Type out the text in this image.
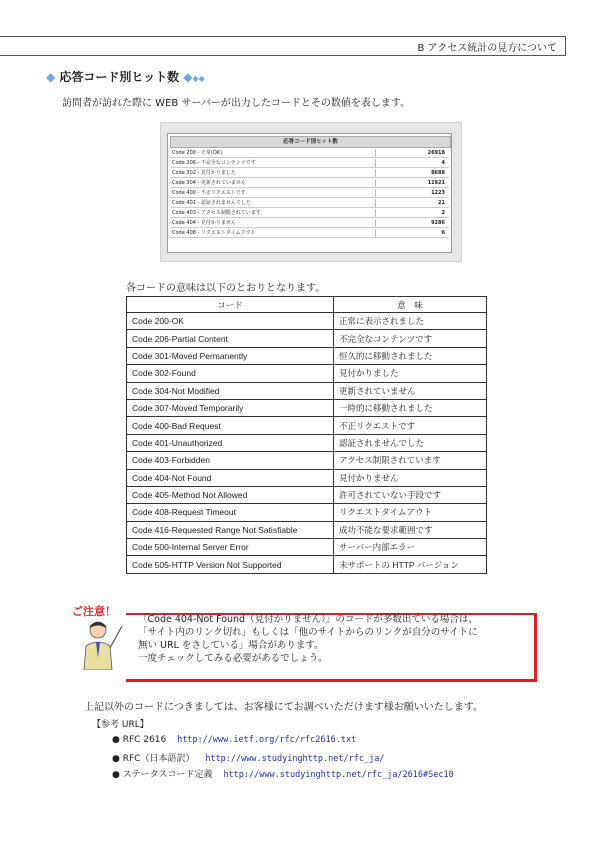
B アクセス統計の見方について
◆ 応答コード別ヒット数 ◆◆◆
訪問者が訪れた際に WEB サーバーが出力したコードとその数値を表します。
応答コード別ヒット数
Code 200 - 正常(OK)	26918
Code 206 - 不完全なコンテンツです	4
Code 302 - 見付かりました	8688
Code 304 - 更新されていません	11921
Code 400 - 不正リクエストです	1223
Code 401 - 認証されませんでした	21
Code 403 - アクセス制限されています	2
Code 404 - 見付かりません	9286
Code 408 - リクエストタイムアウト	6
各コードの意味は以下のとおりとなります。
コード	意　味
Code 200-OK	正常に表示されました
Code 206-Partial Content	不完全なコンテンツです
Code 301-Moved Permanently	恒久的に移動されました
Code 302-Found	見付かりました
Code 304-Not Modified	更新されていません
Code 307-Moved Temporarily	一時的に移動されました
Code 400-Bad Request	不正リクエストです
Code 401-Unauthorized	認証されませんでした
Code 403-Forbidden	アクセス制限されています
Code 404-Not Found	見付かりません
Code 405-Method Not Allowed	許可されていない手段です
Code 408-Request Timeout	リクエストタイムアウト
Code 416-Requested Range Not Satisfiable	成功不能な要求範囲です
Code 500-Internal Server Error	サーバー内部エラー
Code 505-HTTP Version Not Supported	未サポートの HTTP バージョン
ご注意！
「Code 404-Not Found（見付かりません）」のコードが多数出ている場合は、
「サイト内のリンク切れ」もしくは「他のサイトからのリンクが自分のサイトに
無い URL をさしている」場合があります。
一度チェックしてみる必要があるでしょう。
上記以外のコードにつきましては、お客様にてお調べいただけます様お願いいたします。
【参考 URL】
● RFC 2616 http://www.ietf.org/rfc/rfc2616.txt
● RFC（日本語訳） http://www.studyinghttp.net/rfc_ja/
● ステータスコード定義 http://www.studyinghttp.net/rfc_ja/2616#Sec10
